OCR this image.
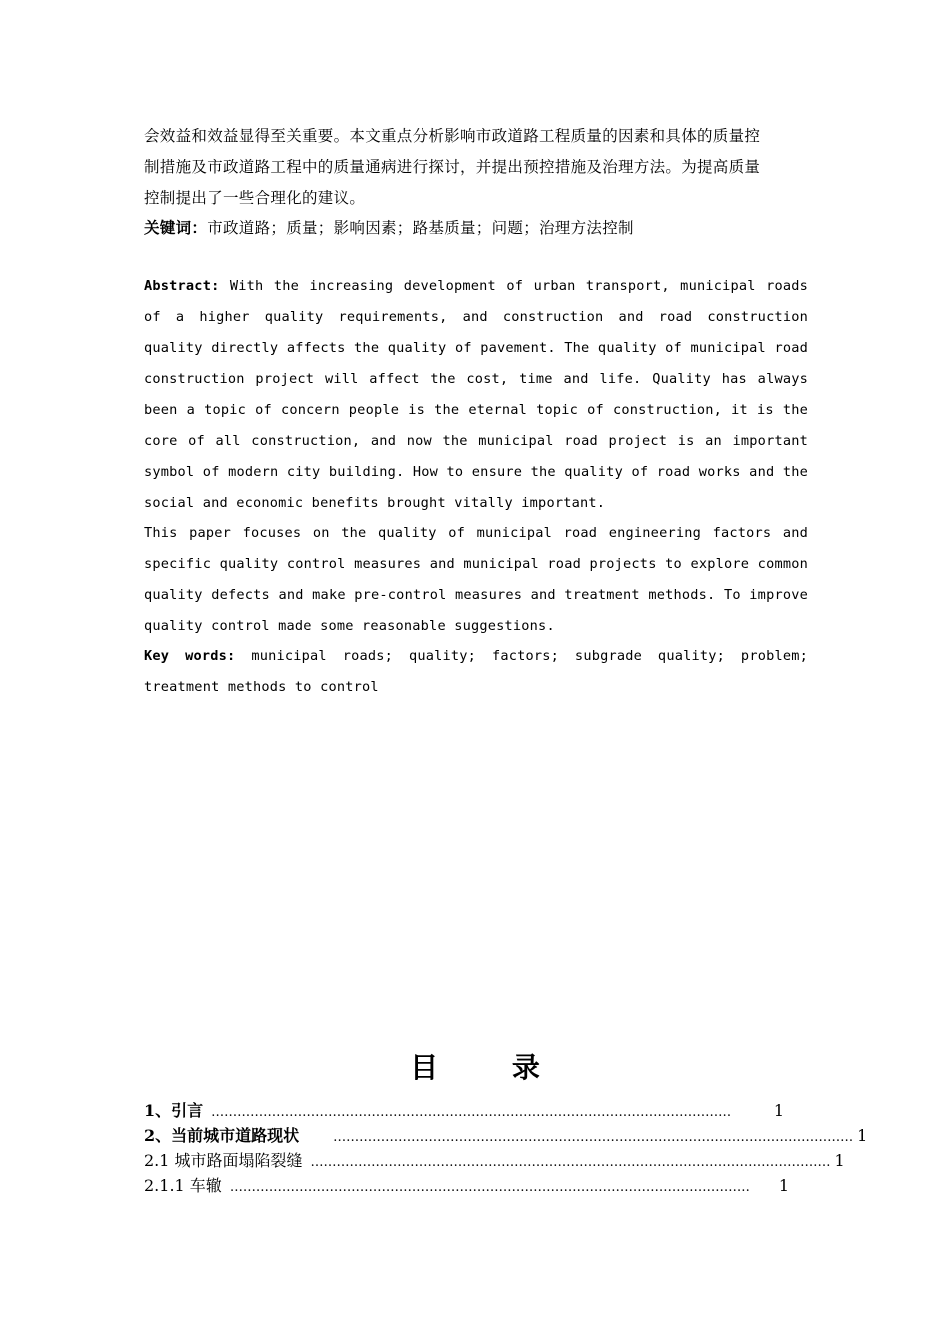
会效益和效益显得至关重要。本文重点分析影响市政道路工程质量的因素和具体的质量控

制措施及市政道路工程中的质量通病进行探讨，并提出预控措施及治理方法。为提高质量

控制提出了一些合理化的建议。

关键词：市政道路；质量；影响因素；路基质量；问题；治理方法控制

Abstract: With the increasing development of urban transport, municipal roads of a higher quality requirements, and construction and road construction quality directly affects the quality of pavement. The quality of municipal road construction project will affect the cost, time and life. Quality has always been a topic of concern people is the eternal topic of construction, it is the core of all construction, and now the municipal road project is an important symbol of modern city building. How to ensure the quality of road works and the social and economic benefits brought vitally important.

This paper focuses on the quality of municipal road engineering factors and specific quality control measures and municipal road projects to explore common quality defects and make pre-control measures and treatment methods. To improve quality control made some reasonable suggestions.

Key words: municipal roads; quality; factors; subgrade quality; problem; treatment methods to control

目 录
1、引言 …………………………………………………………………………………………………………	1
2、当前城市道路现状	………………………………………………………………………………………………………… 1
2.1 城市路面塌陷裂缝 ………………………………………………………………………………………………………… 1
2.1.1 车辙 …………………………………………………………………………………………………………	1
